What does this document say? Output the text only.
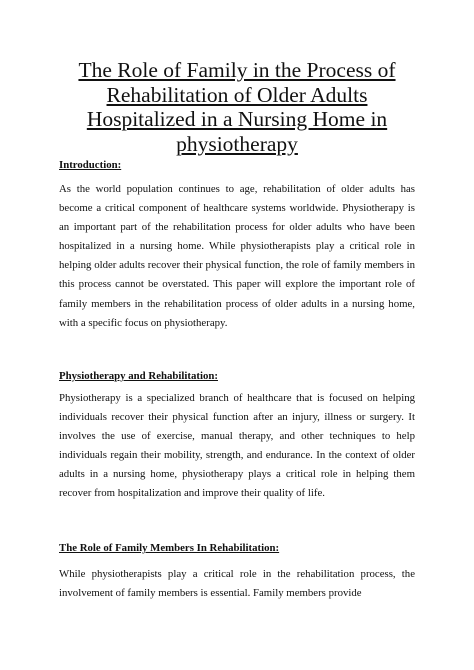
The Role of Family in the Process of Rehabilitation of Older Adults Hospitalized in a Nursing Home in physiotherapy
Introduction:

As the world population continues to age, rehabilitation of older adults has become a critical component of healthcare systems worldwide. Physiotherapy is an important part of the rehabilitation process for older adults who have been hospitalized in a nursing home. While physiotherapists play a critical role in helping older adults recover their physical function, the role of family members in this process cannot be overstated. This paper will explore the important role of family members in the rehabilitation process of older adults in a nursing home, with a specific focus on physiotherapy.

Physiotherapy and Rehabilitation:

Physiotherapy is a specialized branch of healthcare that is focused on helping individuals recover their physical function after an injury, illness or surgery. It involves the use of exercise, manual therapy, and other techniques to help individuals regain their mobility, strength, and endurance. In the context of older adults in a nursing home, physiotherapy plays a critical role in helping them recover from hospitalization and improve their quality of life.

The Role of Family Members In Rehabilitation:

While physiotherapists play a critical role in the rehabilitation process, the involvement of family members is essential. Family members provide
